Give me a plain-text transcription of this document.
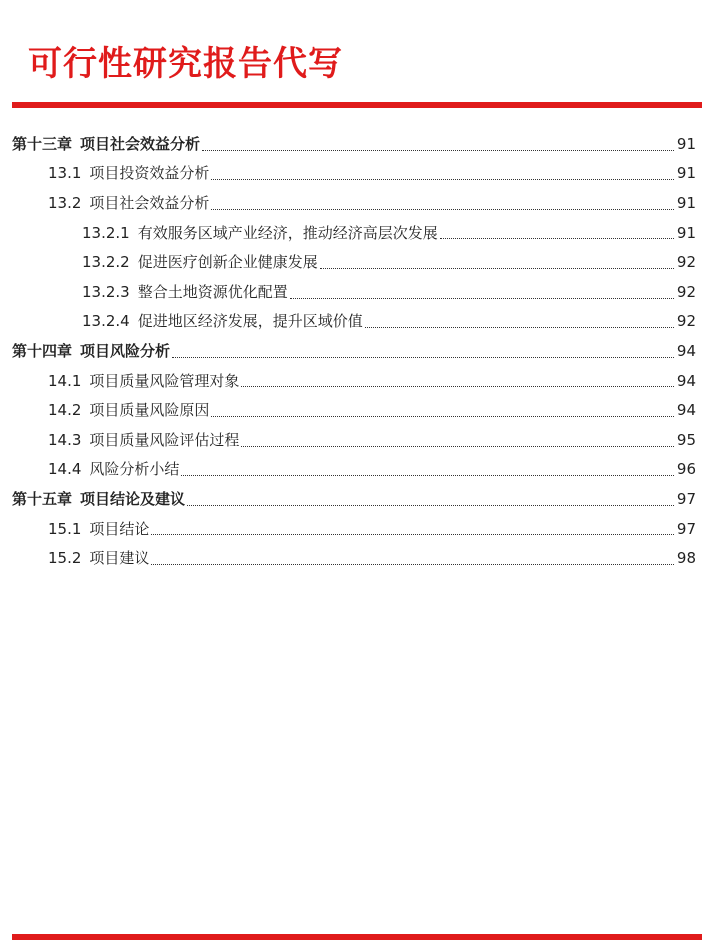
可行性研究报告代写
第十三章 项目社会效益分析	91
13.1 项目投资效益分析	91
13.2 项目社会效益分析	91
13.2.1 有效服务区域产业经济，推动经济高层次发展	91
13.2.2 促进医疗创新企业健康发展	92
13.2.3 整合土地资源优化配置	92
13.2.4 促进地区经济发展，提升区域价值	92
第十四章 项目风险分析	94
14.1 项目质量风险管理对象	94
14.2 项目质量风险原因	94
14.3 项目质量风险评估过程	95
14.4 风险分析小结	96
第十五章 项目结论及建议	97
15.1 项目结论	97
15.2 项目建议	98
